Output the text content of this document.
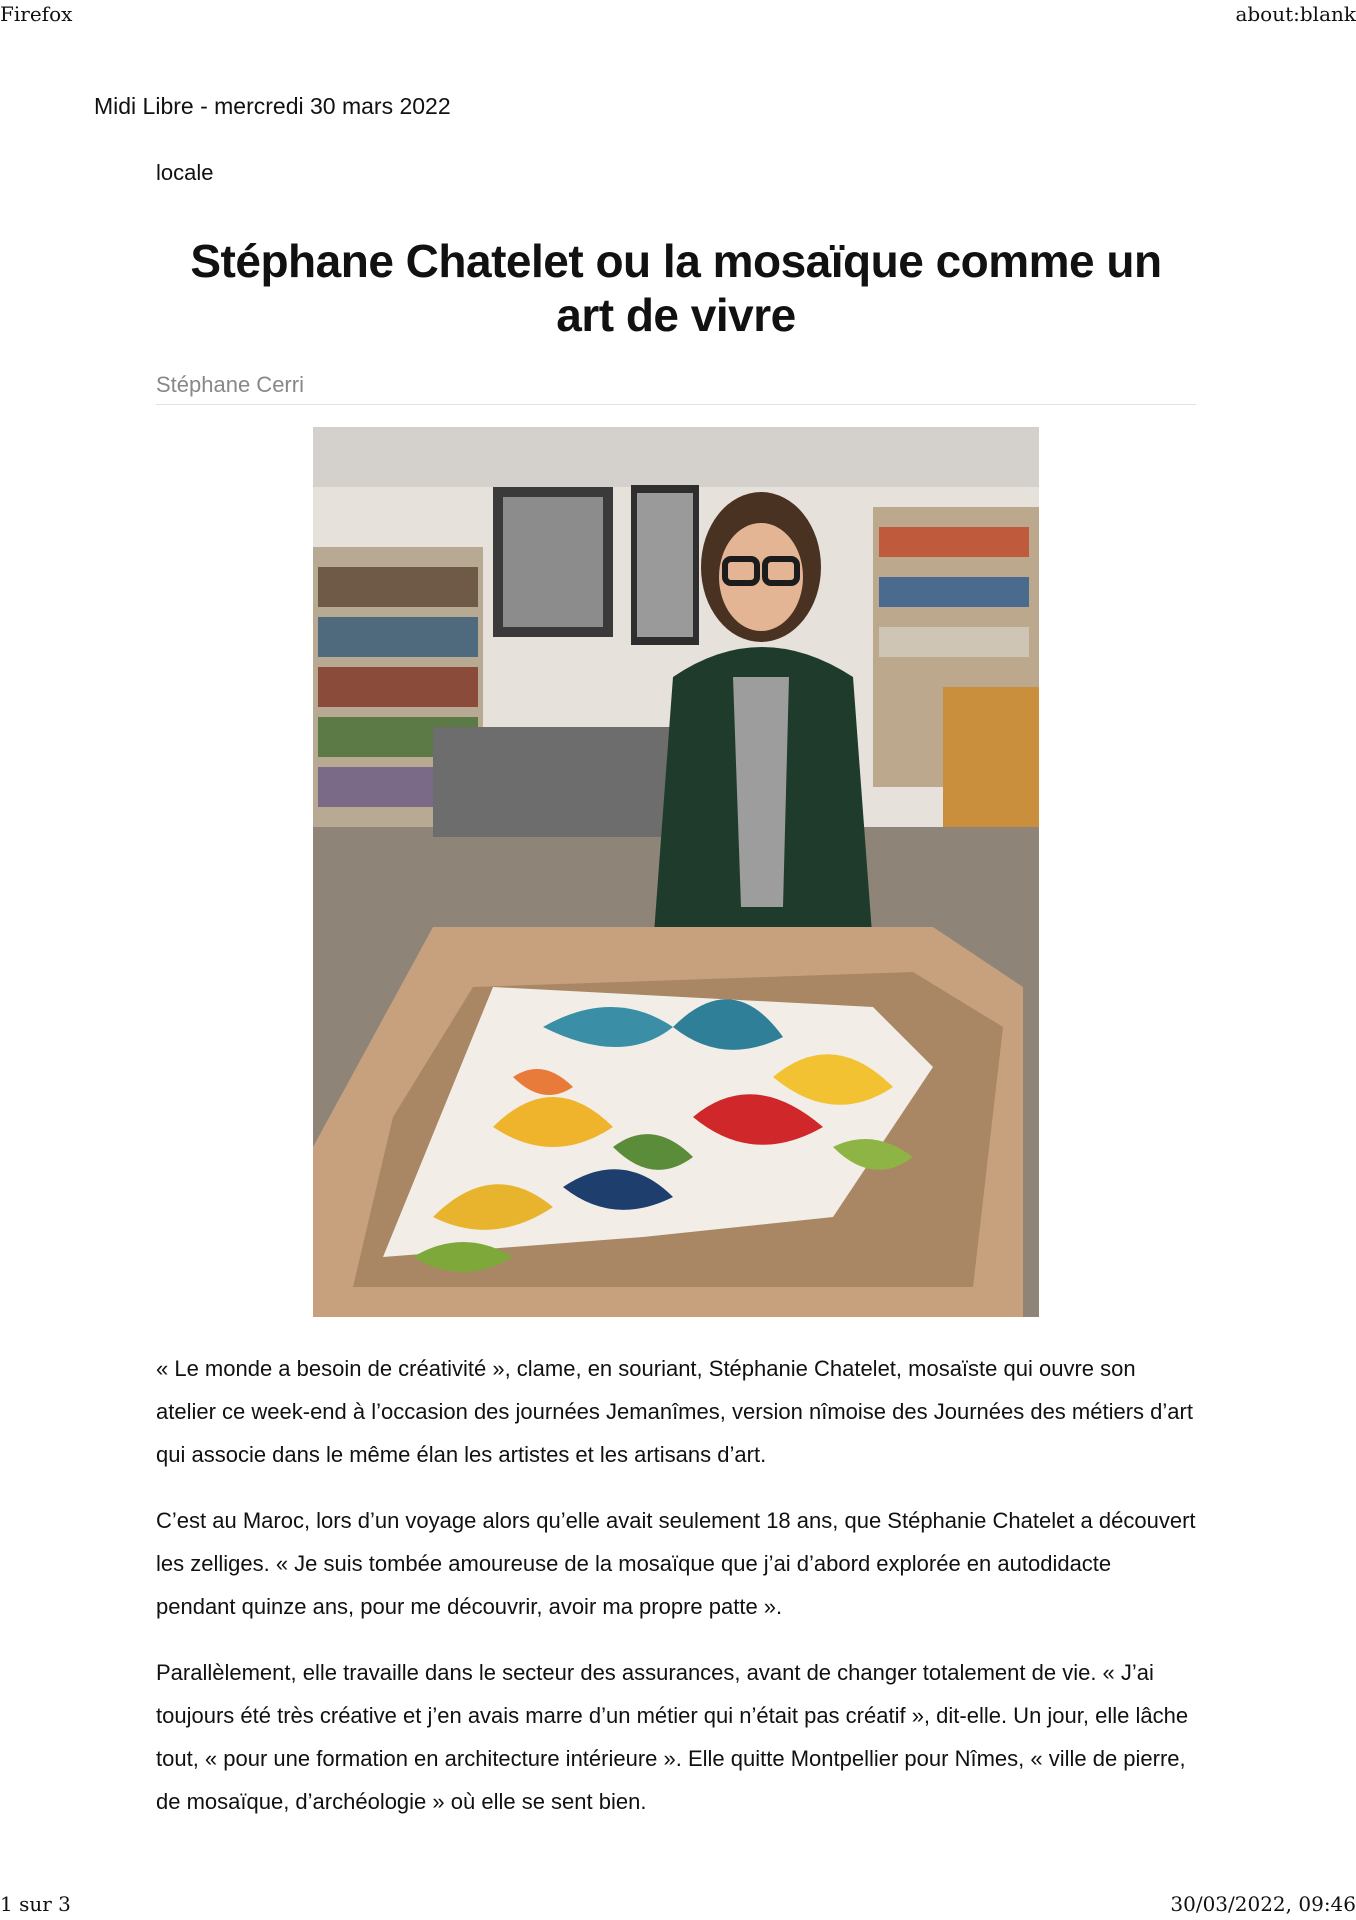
Firefox	about:blank
Midi Libre - mercredi 30 mars 2022

locale

Stéphane Chatelet ou la mosaïque comme un art de vivre
Stéphane Cerri

« Le monde a besoin de créativité », clame, en souriant, Stéphanie Chatelet, mosaïste qui ouvre son atelier ce week-end à l’occasion des journées Jemanîmes, version nîmoise des Journées des métiers d’art qui associe dans le même élan les artistes et les artisans d’art.

C’est au Maroc, lors d’un voyage alors qu’elle avait seulement 18 ans, que Stéphanie Chatelet a découvert les zelliges. « Je suis tombée amoureuse de la mosaïque que j’ai d’abord explorée en autodidacte pendant quinze ans, pour me découvrir, avoir ma propre patte ».

Parallèlement, elle travaille dans le secteur des assurances, avant de changer totalement de vie. « J’ai toujours été très créative et j’en avais marre d’un métier qui n’était pas créatif », dit-elle. Un jour, elle lâche tout, « pour une formation en architecture intérieure ». Elle quitte Montpellier pour Nîmes, « ville de pierre, de mosaïque, d’archéologie » où elle se sent bien.

1 sur 3	30/03/2022, 09:46
